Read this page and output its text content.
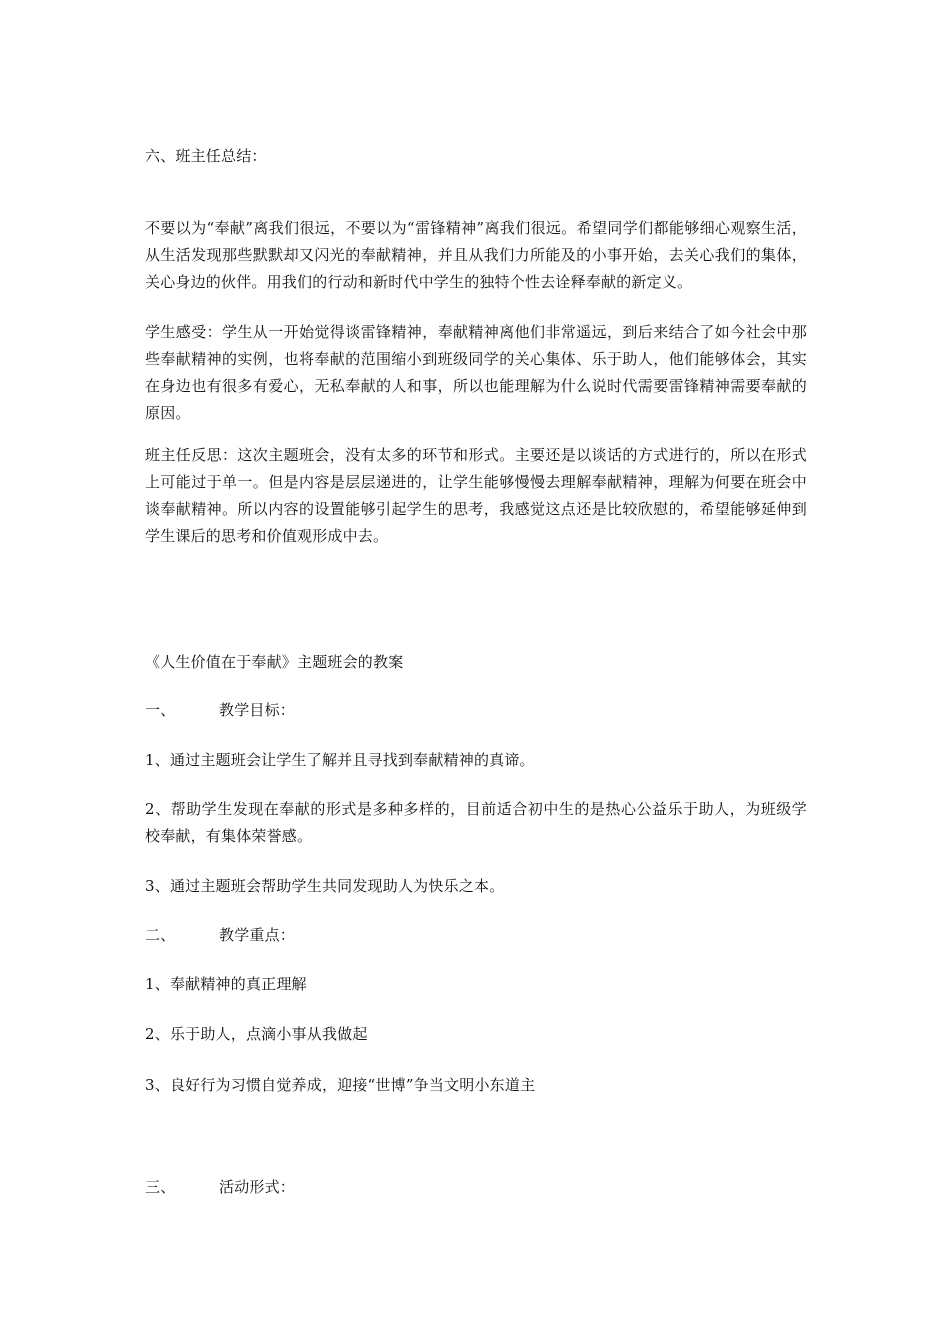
六、班主任总结：
不要以为“奉献”离我们很远，不要以为“雷锋精神”离我们很远。希望同学们都能够细心观察生活，从生活发现那些默默却又闪光的奉献精神，并且从我们力所能及的小事开始，去关心我们的集体，关心身边的伙伴。用我们的行动和新时代中学生的独特个性去诠释奉献的新定义。
学生感受：学生从一开始觉得谈雷锋精神，奉献精神离他们非常遥远，到后来结合了如今社会中那些奉献精神的实例，也将奉献的范围缩小到班级同学的关心集体、乐于助人，他们能够体会，其实在身边也有很多有爱心，无私奉献的人和事，所以也能理解为什么说时代需要雷锋精神需要奉献的原因。
班主任反思：这次主题班会，没有太多的环节和形式。主要还是以谈话的方式进行的，所以在形式上可能过于单一。但是内容是层层递进的，让学生能够慢慢去理解奉献精神，理解为何要在班会中谈奉献精神。所以内容的设置能够引起学生的思考，我感觉这点还是比较欣慰的，希望能够延伸到学生课后的思考和价值观形成中去。
《人生价值在于奉献》主题班会的教案
一、	教学目标：
1、通过主题班会让学生了解并且寻找到奉献精神的真谛。
2、帮助学生发现在奉献的形式是多种多样的，目前适合初中生的是热心公益乐于助人，为班级学校奉献，有集体荣誉感。
3、通过主题班会帮助学生共同发现助人为快乐之本。
二、	教学重点：
1、奉献精神的真正理解
2、乐于助人，点滴小事从我做起
3、良好行为习惯自觉养成，迎接“世博”争当文明小东道主
三、	活动形式：
